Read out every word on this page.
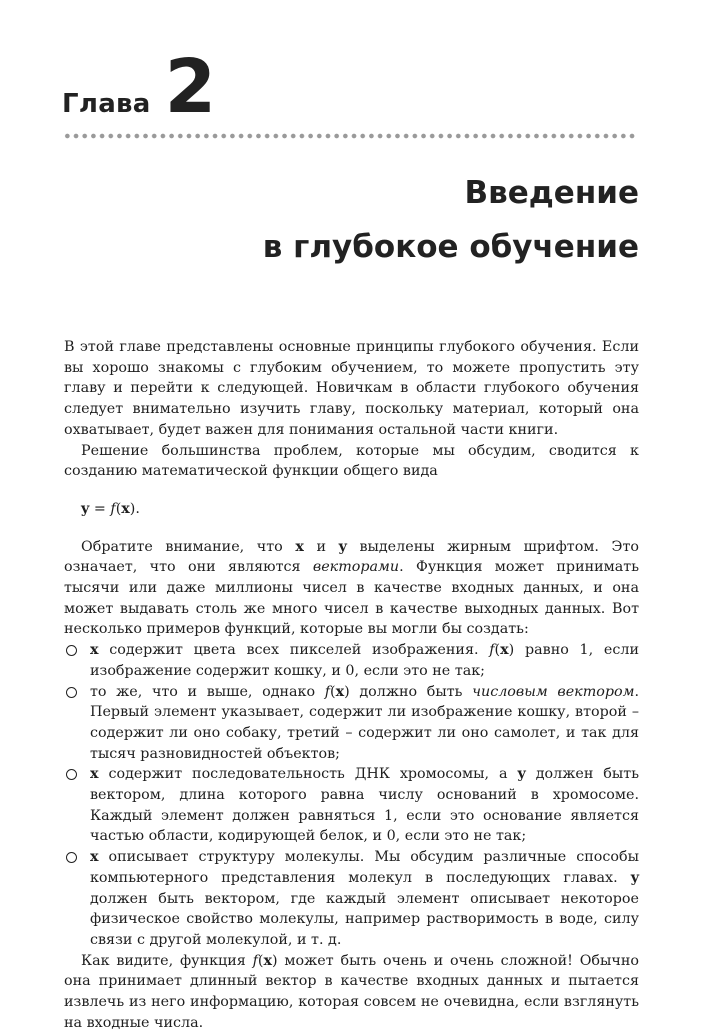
Глава 2
Введение
в глубокое обучение

В этой главе представлены основные принципы глубокого обучения. Если вы хорошо знакомы с глубоким обучением, то можете пропустить эту главу и перейти к следующей. Новичкам в области глубокого обучения следует внимательно изучить главу, поскольку материал, который она охватывает, будет важен для понимания остальной части книги.

Решение большинства проблем, которые мы обсудим, сводится к созданию математической функции общего вида

y = f(x).

Обратите внимание, что x и y выделены жирным шрифтом. Это означает, что они являются векторами. Функция может принимать тысячи или даже миллионы чисел в качестве входных данных, и она может выдавать столь же много чисел в качестве выходных данных. Вот несколько примеров функций, которые вы могли бы создать:

x содержит цвета всех пикселей изображения. f(x) равно 1, если изображение содержит кошку, и 0, если это не так;
то же, что и выше, однако f(x) должно быть числовым вектором. Первый элемент указывает, содержит ли изображение кошку, второй – содержит ли оно собаку, третий – содержит ли оно самолет, и так для тысяч разновидностей объектов;
x содержит последовательность ДНК хромосомы, а y должен быть вектором, длина которого равна числу оснований в хромосоме. Каждый элемент должен равняться 1, если это основание является частью области, кодирующей белок, и 0, если это не так;
x описывает структуру молекулы. Мы обсудим различные способы компьютерного представления молекул в последующих главах. y должен быть вектором, где каждый элемент описывает некоторое физическое свойство молекулы, например растворимость в воде, силу связи с другой молекулой, и т. д.

Как видите, функция f(x) может быть очень и очень сложной! Обычно она принимает длинный вектор в качестве входных данных и пытается извлечь из него информацию, которая совсем не очевидна, если взглянуть на входные числа.
